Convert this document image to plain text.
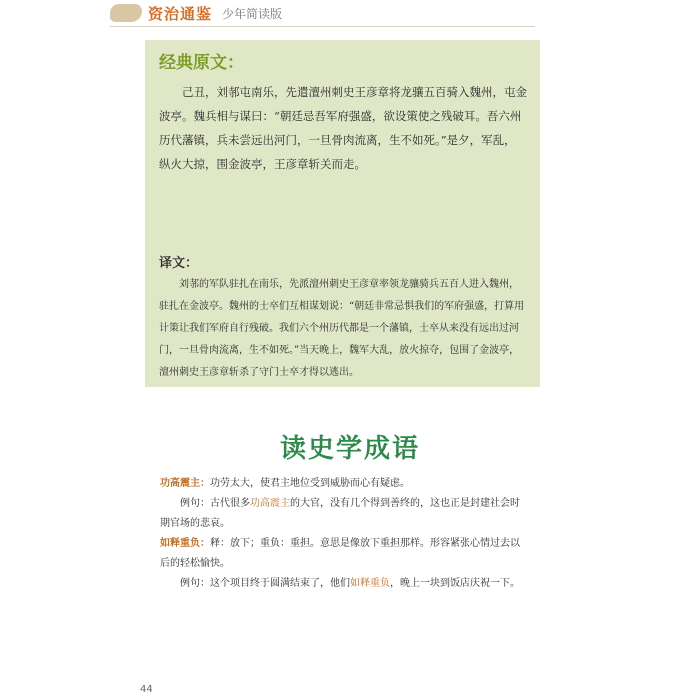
资治通鉴 少年简读版
经典原文：

己丑，刘邿屯南乐，先遣澶州刺史王彦章将龙骧五百骑入魏州，屯金波亭。魏兵相与谋曰：“朝廷忌吾军府强盛，欲设策使之残破耳。吾六州历代藩镇，兵未尝远出河门，一旦骨肉流离，生不如死。”是夕，军乱，纵火大掠，围金波亭，王彦章斩关而走。

译文：

刘邿的军队驻扎在南乐，先派澶州刺史王彦章率领龙骧骑兵五百人进入魏州，驻扎在金波亭。魏州的士卒们互相谋划说：“朝廷非常忌惧我们的军府强盛，打算用计策让我们军府自行残破。我们六个州历代都是一个藩镇，士卒从来没有远出过河门，一旦骨肉流离，生不如死。”当天晚上，魏军大乱，放火掠夺，包围了金波亭，澶州刺史王彦章斩杀了守门士卒才得以逃出。

读史学成语

功高震主：功劳太大，使君主地位受到威胁而心有疑虑。

例句：古代很多功高震主的大官，没有几个得到善终的，这也正是封建社会时期官场的悲哀。

如释重负：释：放下；重负：重担。意思是像放下重担那样。形容紧张心情过去以后的轻松愉快。

例句：这个项目终于圆满结束了，他们如释重负，晚上一块到饭店庆祝一下。

44
